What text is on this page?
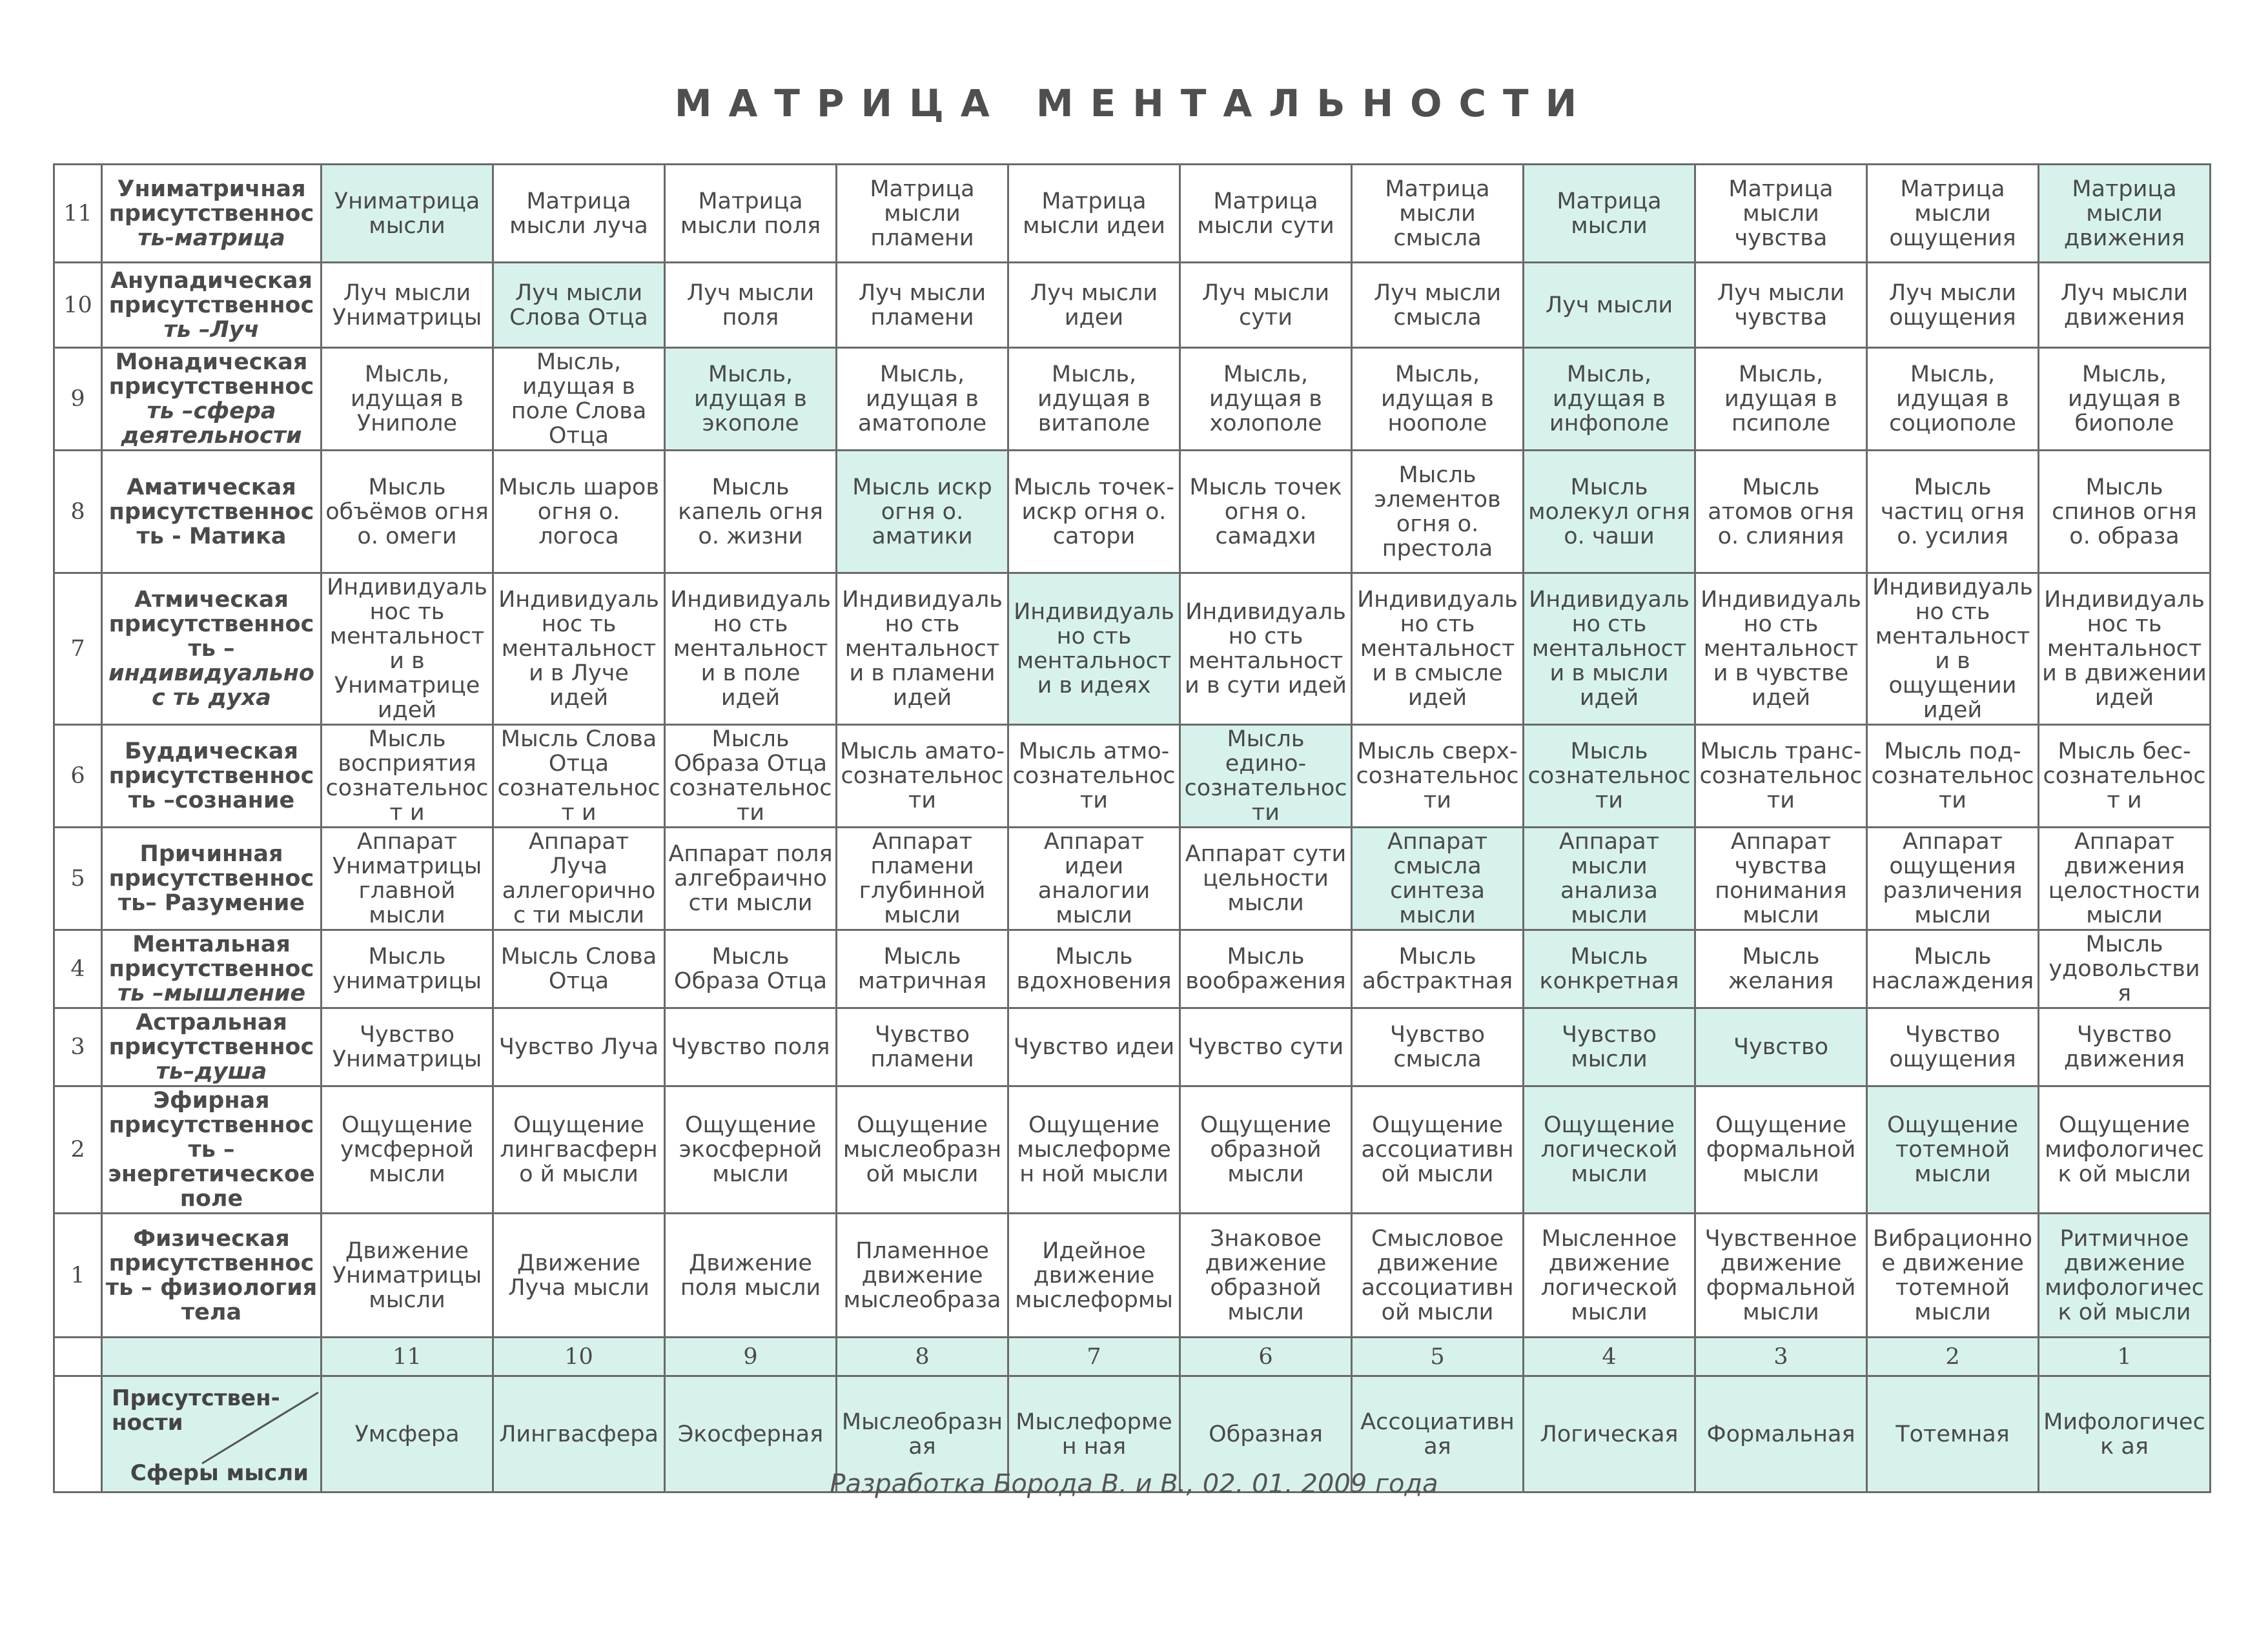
МАТРИЦА МЕНТАЛЬНОСТИ
11	Униматричная присутственнос ть-матрица	Униматрица мысли	Матрица мысли луча	Матрица мысли поля	Матрица мысли пламени	Матрица мысли идеи	Матрица мысли сути	Матрица мысли смысла	Матрица мысли	Матрица мысли чувства	Матрица мысли ощущения	Матрица мысли движения
10	Анупадическая присутственнос ть –Луч	Луч мысли Униматрицы	Луч мысли Слова Отца	Луч мысли поля	Луч мысли пламени	Луч мысли идеи	Луч мысли сути	Луч мысли смысла	Луч мысли	Луч мысли чувства	Луч мысли ощущения	Луч мысли движения
9	Монадическая присутственнос ть –сфера деятельности	Мысль, идущая в Униполе	Мысль, идущая в поле Слова Отца	Мысль, идущая в экополе	Мысль, идущая в аматополе	Мысль, идущая в витаполе	Мысль, идущая в холополе	Мысль, идущая в ноополе	Мысль, идущая в инфополе	Мысль, идущая в псиполе	Мысль, идущая в социополе	Мысль, идущая в биополе
8	Аматическая присутственнос ть - Матика	Мысль объёмов огня о. омеги	Мысль шаров огня о. логоса	Мысль капель огня о. жизни	Мысль искр огня о. аматики	Мысль точек-искр огня о. сатори	Мысль точек огня о. самадхи	Мысль элементов огня о. престола	Мысль молекул огня о. чаши	Мысль атомов огня о. слияния	Мысль частиц огня о. усилия	Мысль спинов огня о. образа
7	Атмическая присутственнос ть – индивидуальнос ть духа	Индивидуальнос ть ментальности в Униматрице идей	Индивидуальнос ть ментальности в Луче идей	Индивидуально сть ментальност и в поле идей	Индивидуально сть ментальност и в пламени идей	Индивидуально сть ментальност и в идеях	Индивидуально сть ментальност и в сути идей	Индивидуально сть ментальност и в смысле идей	Индивидуально сть ментальност и в мысли идей	Индивидуально сть ментальност и в чувстве идей	Индивидуально сть ментальност и в ощущении идей	Индивидуальнос ть ментальности в движении идей
6	Буддическая присутственнос ть –сознание	Мысль восприятия сознательност и	Мысль Слова Отца сознательност и	Мысль Образа Отца сознательнос ти	Мысль амато- сознательнос ти	Мысль атмо- сознательнос ти	Мысль едино- сознательнос ти	Мысль сверх- сознательнос ти	Мысль сознательнос ти	Мысль транс- сознательнос ти	Мысль под- сознательнос ти	Мысль бес- сознательност и
5	Причинная присутственнос ть– Разумение	Аппарат Униматрицы главной мысли	Аппарат Луча аллегоричнос ти мысли	Аппарат поля алгебраично сти мысли	Аппарат пламени глубинной мысли	Аппарат идеи аналогии мысли	Аппарат сути цельности мысли	Аппарат смысла синтеза мысли	Аппарат мысли анализа мысли	Аппарат чувства понимания мысли	Аппарат ощущения различения мысли	Аппарат движения целостности мысли
4	Ментальная присутственнос ть –мышление	Мысль униматрицы	Мысль Слова Отца	Мысль Образа Отца	Мысль матричная	Мысль вдохновения	Мысль воображения	Мысль абстрактная	Мысль конкретная	Мысль желания	Мысль наслаждения	Мысль удовольствия
3	Астральная присутственнос ть–душа	Чувство Униматрицы	Чувство Луча	Чувство поля	Чувство пламени	Чувство идеи	Чувство сути	Чувство смысла	Чувство мысли	Чувство	Чувство ощущения	Чувство движения
2	Эфирная присутственнос ть – энергетическое поле	Ощущение умсферной мысли	Ощущение лингвасферно й мысли	Ощущение экосферной мысли	Ощущение мыслеобразн ой мысли	Ощущение мыслеформен ной мысли	Ощущение образной мысли	Ощущение ассоциативн ой мысли	Ощущение логической мысли	Ощущение формальной мысли	Ощущение тотемной мысли	Ощущение мифологическ ой мысли
1	Физическая присутственнос ть – физиология тела	Движение Униматрицы мысли	Движение Луча мысли	Движение поля мысли	Пламенное движение мыслеобраза	Идейное движение мыслеформы	Знаковое движение образной мысли	Смысловое движение ассоциативн ой мысли	Мысленное движение логической мысли	Чувственное движение формальной мысли	Вибрационно е движение тотемной мысли	Ритмичное движение мифологическ ой мысли
		11	10	9	8	7	6	5	4	3	2	1

	Присутствен- ности
Сферы мысли	Умсфера	Лингвасфера	Экосферная	Мыслеобразн ая	Мыслеформен ная	Образная	Ассоциативн ая	Логическая	Формальная	Тотемная	Мифологическ ая
Разработка Борода В. и В., 02. 01. 2009 года
